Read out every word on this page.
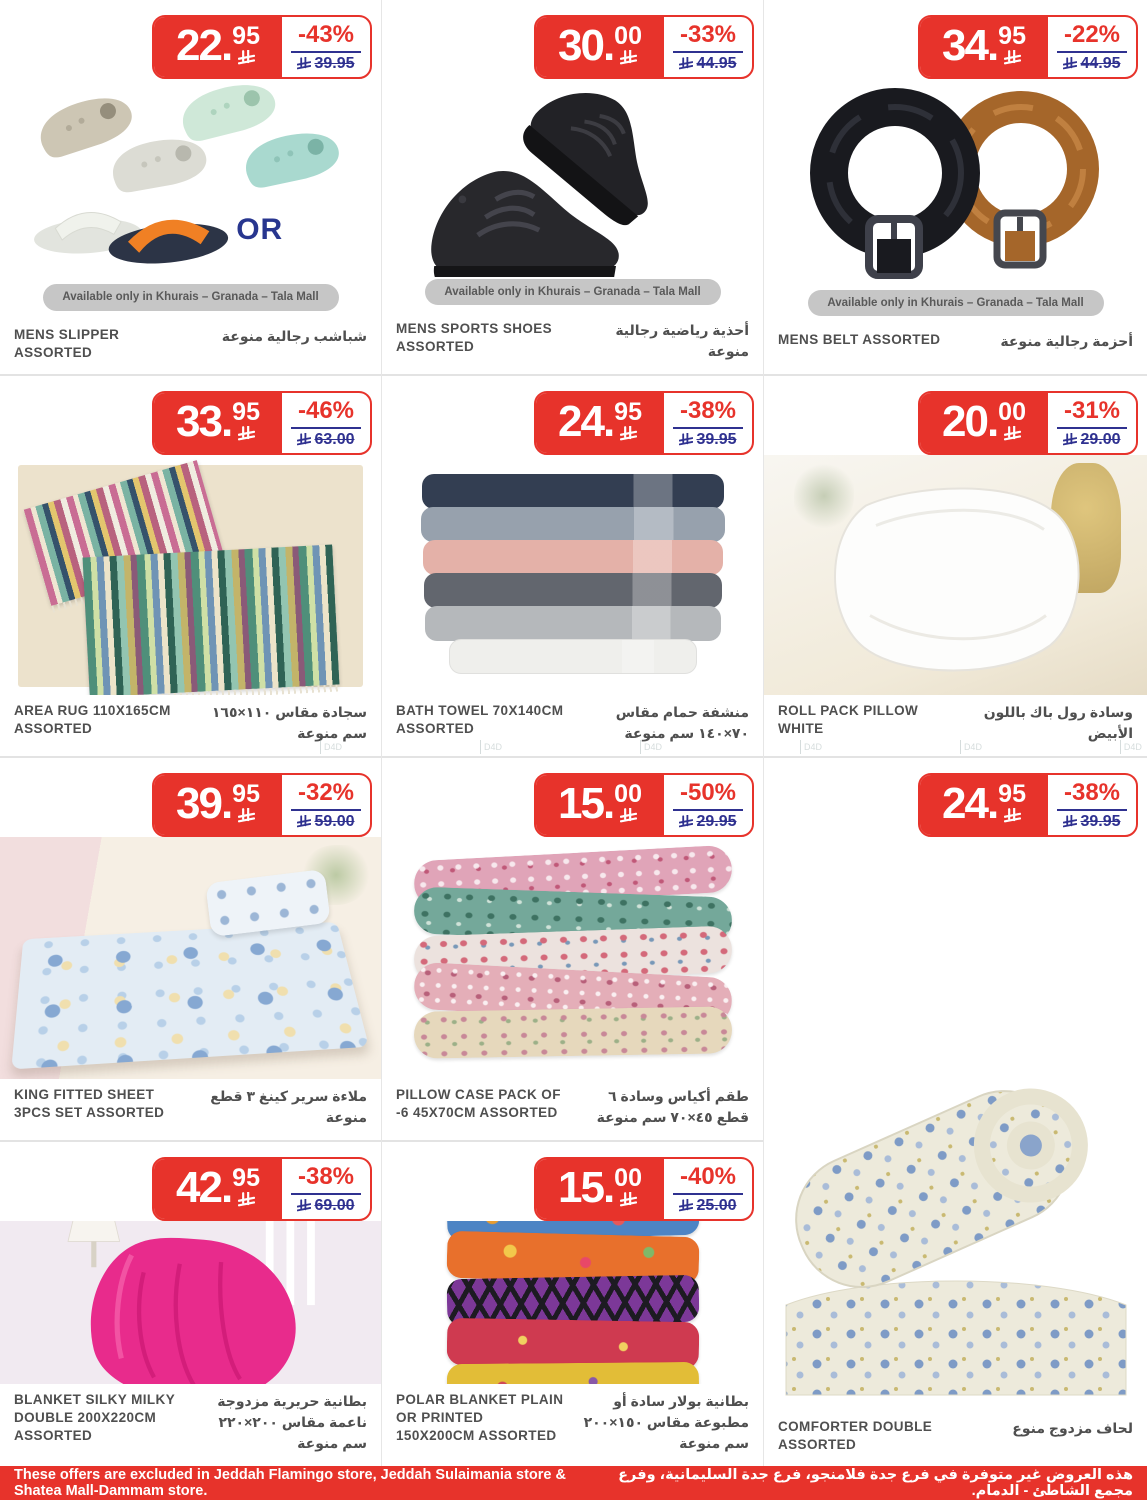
22. 95 -43%
39.95
OR
Available only in Khurais – Granada – Tala Mall
MENS SLIPPER ASSORTED
شباشب رجالية منوعة
30. 00 -33%
44.95
Available only in Khurais – Granada – Tala Mall
MENS SPORTS SHOES ASSORTED
أحذية رياضية رجالية منوعة
34. 95 -22%
44.95
Available only in Khurais – Granada – Tala Mall
MENS BELT ASSORTED	أحزمة رجالية منوعة
33. 95 -46%
63.00
AREA RUG 110X165CM ASSORTED
سجادة مقاس ١١٠×١٦٥ سم منوعة
24. 95 -38%
39.95
BATH TOWEL 70X140CM ASSORTED
منشفة حمام مقاس ٧٠×١٤٠ سم منوعة
20. 00 -31%
29.00
ROLL PACK PILLOW WHITE
وسادة رول باك باللون الأبيض
39. 95 -32%
59.00
KING FITTED SHEET 3PCS SET ASSORTED
ملاءة سرير كينغ ٣ قطع منوعة
15. 00 -50%
29.95
PILLOW CASE PACK OF -6 45X70CM ASSORTED
طقم أكياس وسادة ٦ قطع ٤٥×٧٠ سم منوعة
24. 95 -38%
39.95
COMFORTER DOUBLE ASSORTED
لحاف مزدوج منوع
42. 95 -38%
69.00
BLANKET SILKY MILKY DOUBLE 200X220CM ASSORTED
بطانية حريرية مزدوجة ناعمة مقاس ٢٠٠×٢٢٠ سم منوعة
15. 00 -40%
25.00
POLAR BLANKET PLAIN OR PRINTED 150X200CM ASSORTED
بطانية بولار سادة أو مطبوعة مقاس ١٥٠×٢٠٠ سم منوعة
D4D	D4D	D4D	D4D	D4D	D4D
These offers are excluded in Jeddah Flamingo store, Jeddah Sulaimania store & Shatea Mall-Dammam store.
هذه العروض غير متوفرة في فرع جدة فلامنجو، فرع جدة السليمانية، وفرع مجمع الشاطئ - الدمام.
